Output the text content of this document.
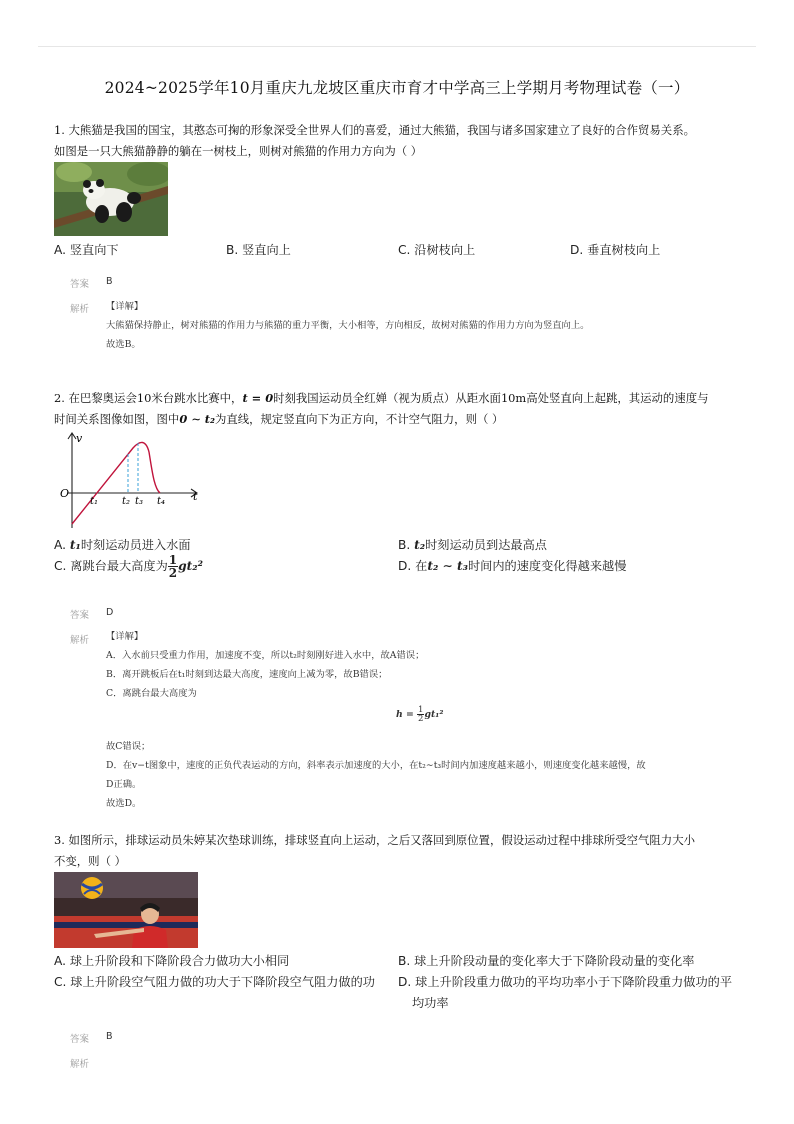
2024~2025学年10月重庆九龙坡区重庆市育才中学高三上学期月考物理试卷（一）
1. 大熊猫是我国的国宝，其憨态可掬的形象深受全世界人们的喜爱，通过大熊猫，我国与诸多国家建立了良好的合作贸易关系。
如图是一只大熊猫静静的躺在一树枝上，则树对熊猫的作用力方向为（ ）
A. 竖直向下	B. 竖直向上	C. 沿树枝向上	D. 垂直树枝向上
答案 B
解析 【详解】
大熊猫保持静止，树对熊猫的作用力与熊猫的重力平衡，大小相等，方向相反，故树对熊猫的作用力方向为竖直向上。
故选B。
2. 在巴黎奥运会10米台跳水比赛中，t = 0时刻我国运动员全红婵（视为质点）从距水面10m高处竖直向上起跳，其运动的速度与
时间关系图像如图，图中0 ∼ t₂为直线，规定竖直向下为正方向，不计空气阻力，则（ ）
v
O	t
t₁ t₂ t₃ t₄
A. t₁时刻运动员进入水面	B. t₂时刻运动员到达最高点
C. 离跳台最大高度为 $\frac{1}{2} gt_2^2$	D. 在t₂ ∼ t₃时间内的速度变化得越来越慢
答案 D
解析 【详解】
A．入水前只受重力作用，加速度不变，所以t₂时刻刚好进入水中，故A错误；
B．离开跳板后在t₁时刻到达最大高度，速度向上减为零，故B错误；
C．离跳台最大高度为
$h = \frac{1}{2} gt_1^2$
故C错误；
D．在v−t图象中，速度的正负代表运动的方向，斜率表示加速度的大小，在t₂∼t₃时间内加速度越来越小，则速度变化越来越慢，故
D正确。
故选D。
3. 如图所示，排球运动员朱婷某次垫球训练，排球竖直向上运动，之后又落回到原位置，假设运动过程中排球所受空气阻力大小
不变，则（ ）
A. 球上升阶段和下降阶段合力做功大小相同	B. 球上升阶段动量的变化率大于下降阶段动量的变化率
C. 球上升阶段空气阻力做的功大于下降阶段空气阻力做的功 D. 球上升阶段重力做功的平均功率小于下降阶段重力做功的平
均功率
答案 B
解析
